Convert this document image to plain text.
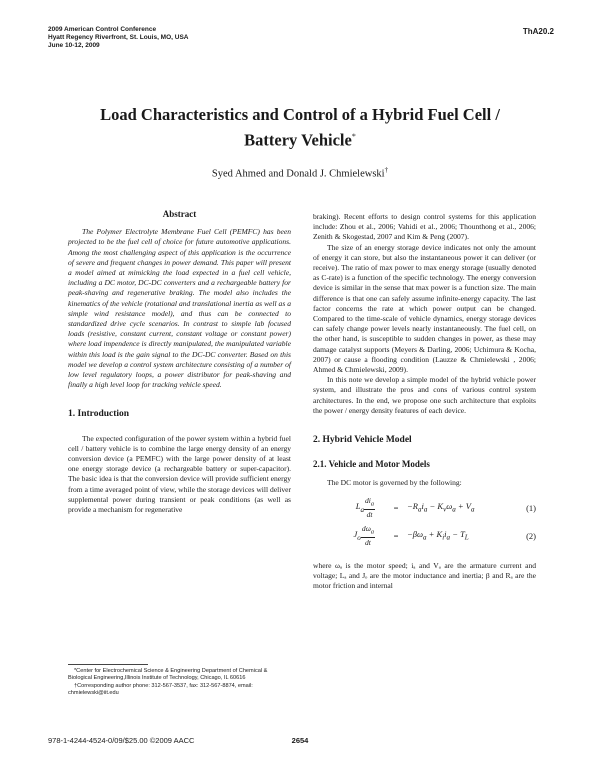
2009 American Control Conference
Hyatt Regency Riverfront, St. Louis, MO, USA
June 10-12, 2009
ThA20.2
Load Characteristics and Control of a Hybrid Fuel Cell /
Battery Vehicle*
Syed Ahmed and Donald J. Chmielewski†
Abstract

The Polymer Electrolyte Membrane Fuel Cell (PEMFC) has been projected to be the fuel cell of choice for future automotive applications. Among the most challenging aspect of this application is the occurrence of severe and frequent changes in power demand. This paper will present a model aimed at mimicking the load expected in a fuel cell vehicle, including a DC motor, DC-DC converters and a rechargeable battery for peak-shaving and regenerative braking. The model also includes the kinematics of the vehicle (rotational and translational inertia as well as a simple wind resistance model), and thus can be connected to standardized drive cycle scenarios. In contrast to simple lab focused loads (resistive, constant current, constant voltage or constant power) where load impendence is directly manipulated, the manipulated variable within this load is the gain signal to the DC-DC converter. Based on this model we develop a control system architecture consisting of a number of low level regulatory loops, a power distributor for peak-shaving and finally a high level loop for tracking vehicle speed.

1. Introduction

The expected configuration of the power system within a hybrid fuel cell / battery vehicle is to combine the large energy density of an energy conversion device (a PEMFC) with the large power density of at least one energy storage device (a rechargeable battery or super-capacitor). The basic idea is that the conversion device will provide sufficient energy from a time averaged point of view, while the storage devices will deliver supplemental power during transient or peak conditions (as well as provide a mechanism for regenerative

*Center for Electrochemical Science & Engineering Department of Chemical & Biological Engineering,Illinois Institute of Technology, Chicago, IL 60616

†Corresponding author phone: 312-567-3537, fax: 312-567-8874, email: chmielewski@iit.edu

braking). Recent efforts to design control systems for this application include: Zhou et al., 2006; Vahidi et al., 2006; Thounthong et al., 2006; Zenith & Skogestad, 2007 and Kim & Peng (2007).

The size of an energy storage device indicates not only the amount of energy it can store, but also the instantaneous power it can deliver (or receive). The ratio of max power to max energy storage (usually denoted as C-rate) is a function of the specific technology. The energy conversion device is similar in the sense that max power is a function size. The main difference is that one can safely assume infinite-energy capacity. The last factor concerns the rate at which power output can be changed. Compared to the time-scale of vehicle dynamics, energy storage devices can safely change power levels nearly instantaneously. The fuel cell, on the other hand, is susceptible to sudden changes in power, as these may damage catalyst supports (Meyers & Darling, 2006; Uchimura & Kocha, 2007) or cause a flooding condition (Lauzze & Chmielewski , 2006; Ahmed & Chmielewski, 2009).

In this note we develop a simple model of the hybrid vehicle power system, and illustrate the pros and cons of various control system architectures. In the end, we propose one such architecture that exploits the power / energy density features of each device.

2. Hybrid Vehicle Model
2.1. Vehicle and Motor Models

The DC motor is governed by the following:

$L_a \frac{di_a}{dt}$	=	$-R_ai_a - K_v\omega_a + V_a$	(1)
$J_o \frac{d\omega_a}{dt}$	=	$-\beta\omega_a + K_ii_a - T_L$	(2)

where ωₐ is the motor speed; iₐ and Vₐ are the armature current and voltage; Lₐ and Jₒ are the motor inductance and inertia; β and Rₐ are the motor friction and internal

978-1-4244-4524-0/09/$25.00 ©2009 AACC	2654
